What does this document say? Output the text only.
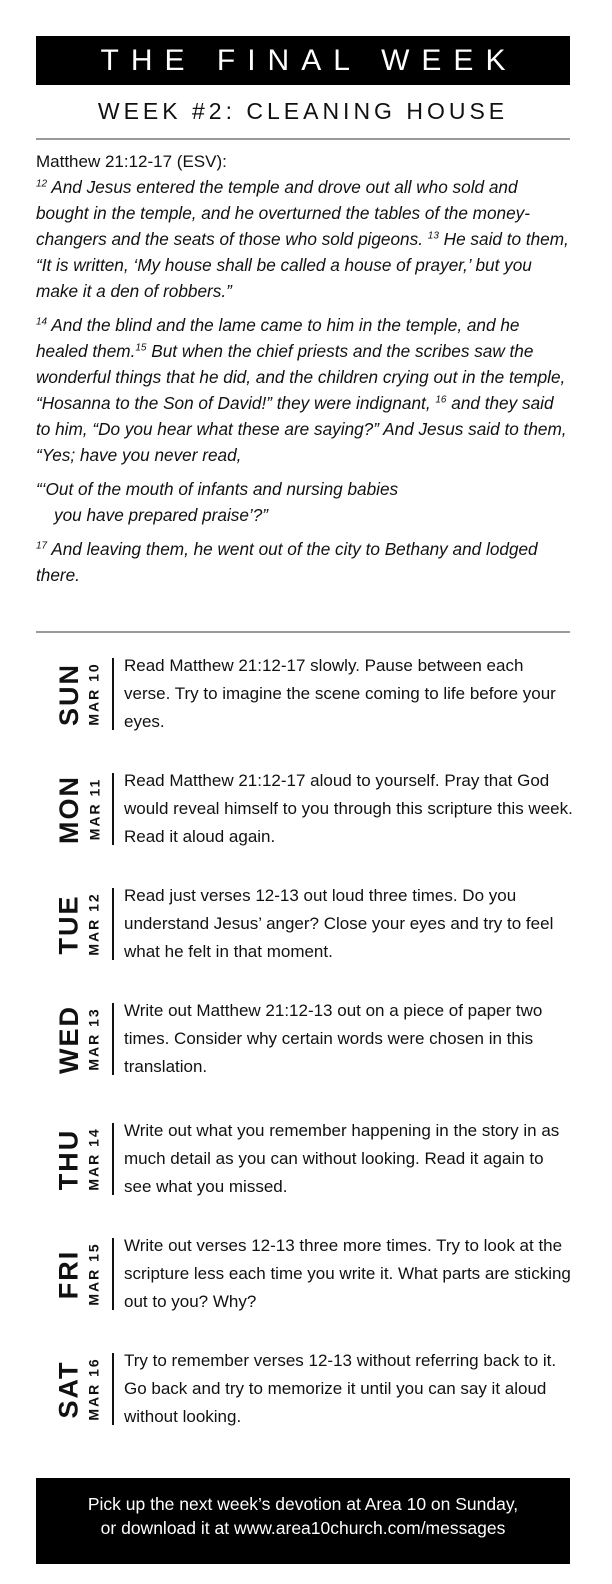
THE FINAL WEEK
WEEK #2: CLEANING HOUSE
Matthew 21:12-17 (ESV):

$^{12}$ And Jesus entered the temple and drove out all who sold and bought in the temple, and he overturned the tables of the money-changers and the seats of those who sold pigeons. $^{13}$ He said to them, “It is written, ‘My house shall be called a house of prayer,’ but you make it a den of robbers.”

$^{14}$ And the blind and the lame came to him in the temple, and he healed them.$^{15}$ But when the chief priests and the scribes saw the wonderful things that he did, and the children crying out in the temple, “Hosanna to the Son of David!” they were indignant, $^{16}$ and they said to him, “Do you hear what these are saying?” And Jesus said to them, “Yes; have you never read,

“‘Out of the mouth of infants and nursing babies
you have prepared praise’?”

$^{17}$ And leaving them, he went out of the city to Bethany and lodged there.

SUN MAR 10 Read Matthew 21:12-17 slowly. Pause between each verse. Try to imagine the scene coming to life before your eyes.
MON MAR 11 Read Matthew 21:12-17 aloud to yourself. Pray that God would reveal himself to you through this scripture this week. Read it aloud again.
TUE MAR 12 Read just verses 12-13 out loud three times. Do you understand Jesus’ anger? Close your eyes and try to feel what he felt in that moment.
WED MAR 13 Write out Matthew 21:12-13 out on a piece of paper two times. Consider why certain words were chosen in this translation.
THU MAR 14 Write out what you remember happening in the story in as much detail as you can without looking. Read it again to see what you missed.
FRI MAR 15 Write out verses 12-13 three more times. Try to look at the scripture less each time you write it. What parts are sticking out to you? Why?
SAT MAR 16 Try to remember verses 12-13 without referring back to it. Go back and try to memorize it until you can say it aloud without looking.
Pick up the next week’s devotion at Area 10 on Sunday,
or download it at www.area10church.com/messages
